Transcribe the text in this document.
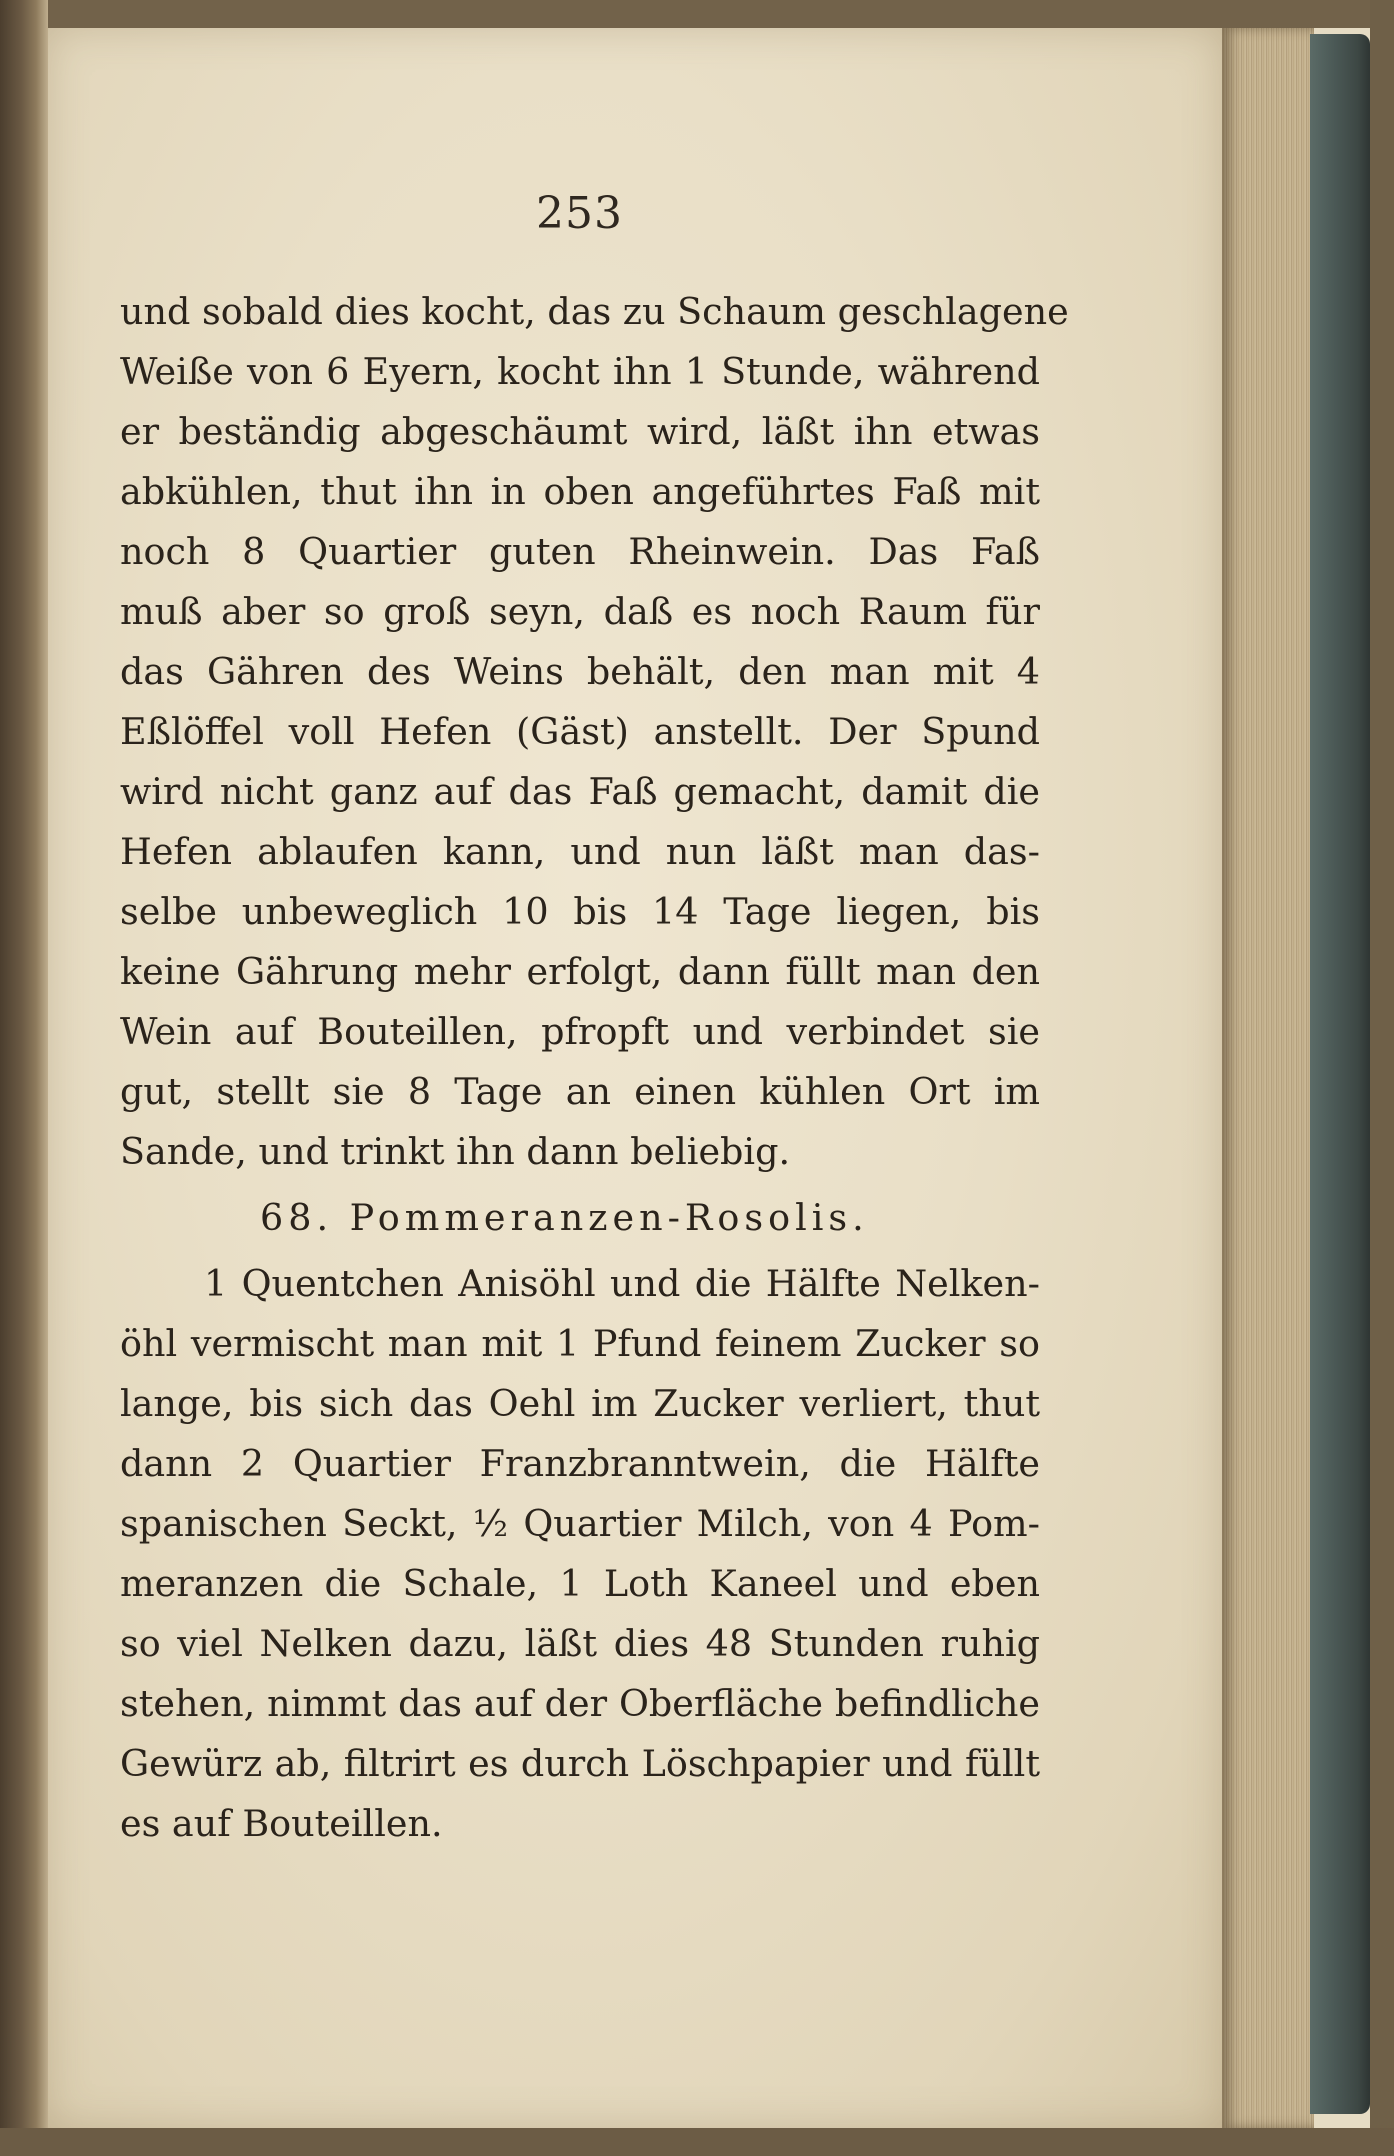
253
und sobald dies kocht, das zu Schaum geschlagene
Weiße von 6 Eyern, kocht ihn 1 Stunde, während
er beständig abgeschäumt wird, läßt ihn etwas
abkühlen, thut ihn in oben angeführtes Faß mit
noch 8 Quartier guten Rheinwein. Das Faß
muß aber so groß seyn, daß es noch Raum für
das Gähren des Weins behält, den man mit 4
Eßlöffel voll Hefen (Gäst) anstellt. Der Spund
wird nicht ganz auf das Faß gemacht, damit die
Hefen ablaufen kann, und nun läßt man das-
selbe unbeweglich 10 bis 14 Tage liegen, bis
keine Gährung mehr erfolgt, dann füllt man den
Wein auf Bouteillen, pfropft und verbindet sie
gut, stellt sie 8 Tage an einen kühlen Ort im
Sande, und trinkt ihn dann beliebig.
68. Pommeranzen-Rosolis.
1 Quentchen Anisöhl und die Hälfte Nelken-
öhl vermischt man mit 1 Pfund feinem Zucker so
lange, bis sich das Oehl im Zucker verliert, thut
dann 2 Quartier Franzbranntwein, die Hälfte
spanischen Seckt, ½ Quartier Milch, von 4 Pom-
meranzen die Schale, 1 Loth Kaneel und eben
so viel Nelken dazu, läßt dies 48 Stunden ruhig
stehen, nimmt das auf der Oberfläche befindliche
Gewürz ab, filtrirt es durch Löschpapier und füllt
es auf Bouteillen.
